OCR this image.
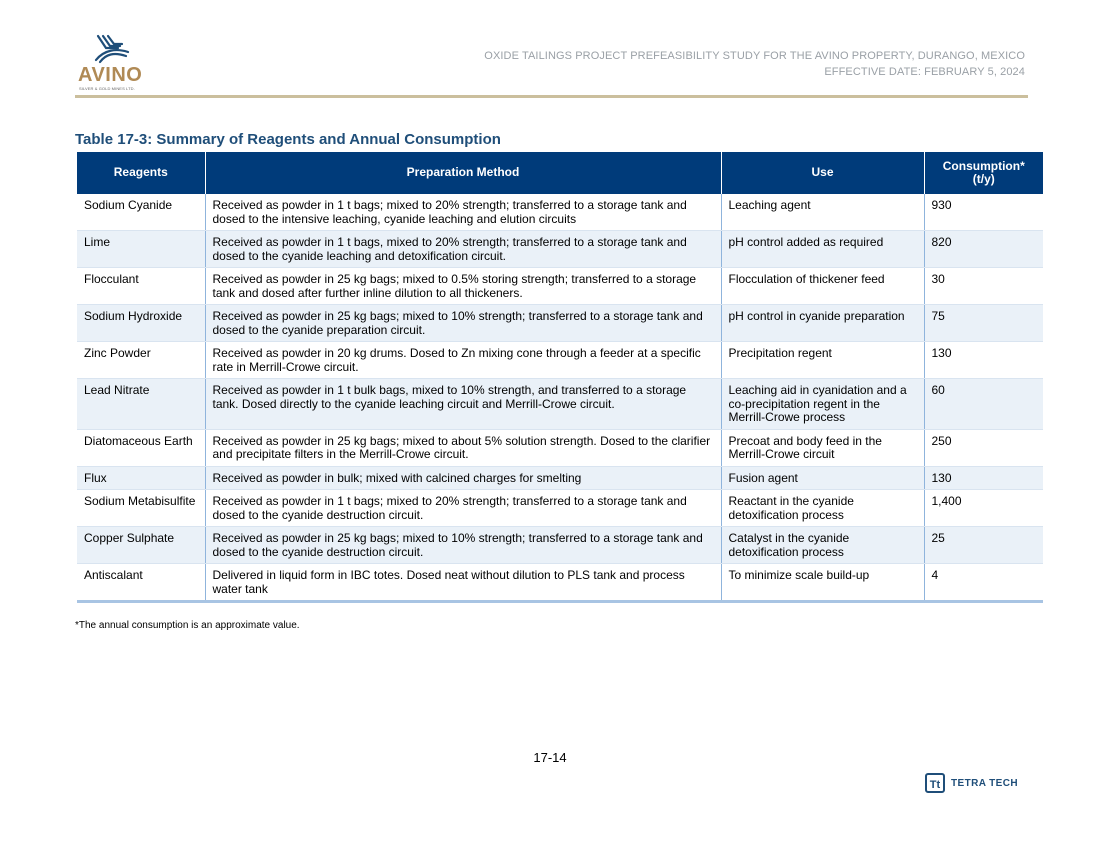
AVINO
SILVER & GOLD MINES LTD.
OXIDE TAILINGS PROJECT PREFEASIBILITY STUDY FOR THE AVINO PROPERTY, DURANGO, MEXICO
EFFECTIVE DATE: FEBRUARY 5, 2024
Table 17-3: Summary of Reagents and Annual Consumption
Reagents	Preparation Method	Use	Consumption*
(t/y)
Sodium Cyanide	Received as powder in 1 t bags; mixed to 20% strength; transferred to a storage tank and dosed to the intensive leaching, cyanide leaching and elution circuits	Leaching agent	930
Lime	Received as powder in 1 t bags, mixed to 20% strength; transferred to a storage tank and dosed to the cyanide leaching and detoxification circuit.	pH control added as required	820
Flocculant	Received as powder in 25 kg bags; mixed to 0.5% storing strength; transferred to a storage tank and dosed after further inline dilution to all thickeners.	Flocculation of thickener feed	30
Sodium Hydroxide	Received as powder in 25 kg bags; mixed to 10% strength; transferred to a storage tank and dosed to the cyanide preparation circuit.	pH control in cyanide preparation	75
Zinc Powder	Received as powder in 20 kg drums. Dosed to Zn mixing cone through a feeder at a specific rate in Merrill-Crowe circuit.	Precipitation regent	130
Lead Nitrate	Received as powder in 1 t bulk bags, mixed to 10% strength, and transferred to a storage tank. Dosed directly to the cyanide leaching circuit and Merrill-Crowe circuit.	Leaching aid in cyanidation and a co-precipitation regent in the Merrill-Crowe process	60
Diatomaceous Earth	Received as powder in 25 kg bags; mixed to about 5% solution strength. Dosed to the clarifier and precipitate filters in the Merrill-Crowe circuit.	Precoat and body feed in the Merrill-Crowe circuit	250
Flux	Received as powder in bulk; mixed with calcined charges for smelting	Fusion agent	130
Sodium Metabisulfite	Received as powder in 1 t bags; mixed to 20% strength; transferred to a storage tank and dosed to the cyanide destruction circuit.	Reactant in the cyanide detoxification process	1,400
Copper Sulphate	Received as powder in 25 kg bags; mixed to 10% strength; transferred to a storage tank and dosed to the cyanide destruction circuit.	Catalyst in the cyanide detoxification process	25
Antiscalant	Delivered in liquid form in IBC totes. Dosed neat without dilution to PLS tank and process water tank	To minimize scale build-up	4
*The annual consumption is an approximate value.
17-14
Tt	TETRA TECH
